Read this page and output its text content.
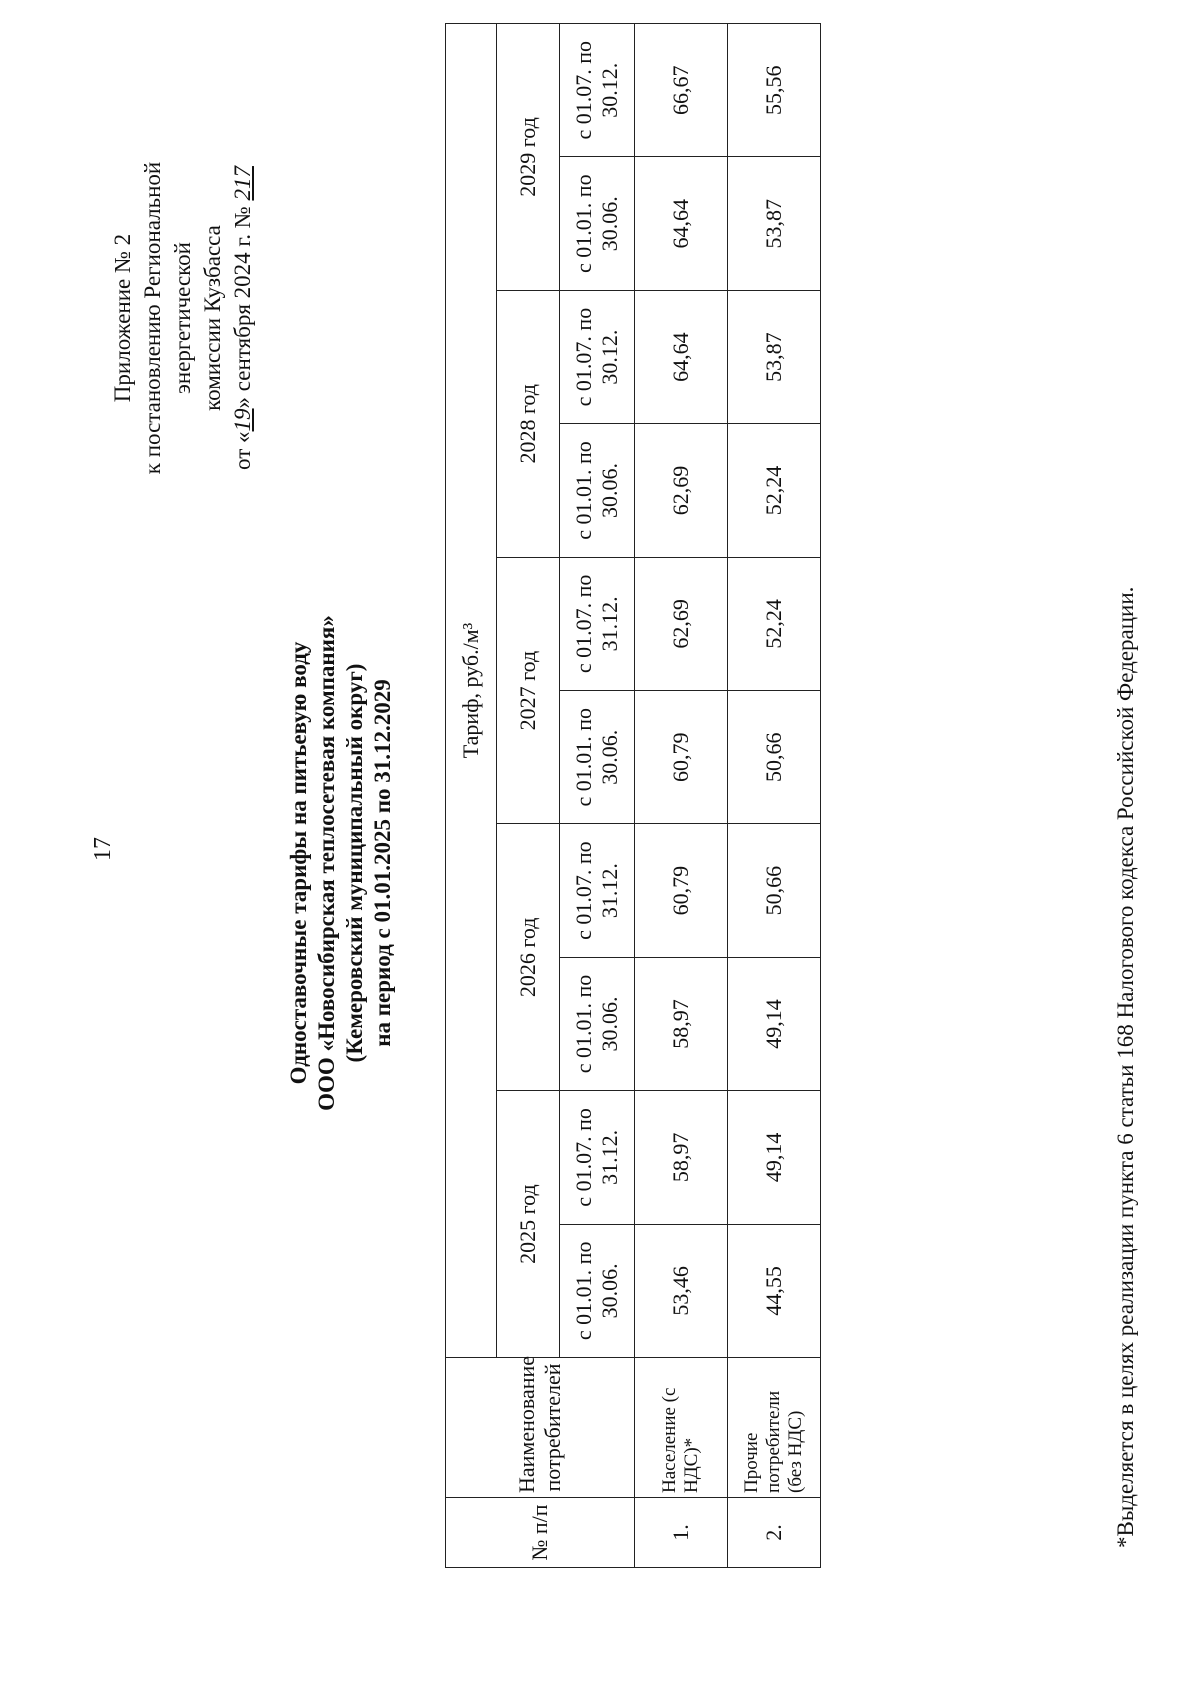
17
Приложение № 2 к постановлению Региональной энергетической комиссии Кузбасса
от «19» сентября 2024 г. № 217
Одноставочные тарифы на питьевую воду ООО «Новосибирская теплосетевая компания» (Кемеровский муниципальный округ) на период с 01.01.2025 по 31.12.2029
№ п/п	Наименование потребителей	Тариф, руб./м³									
		2025 год		2026 год		2027 год		2028 год		2029 год	
		с 01.01. по 30.06.	с 01.07. по 31.12.	с 01.01. по 30.06.	с 01.07. по 31.12.	с 01.01. по 30.06.	с 01.07. по 31.12.	с 01.01. по 30.06.	с 01.07. по 30.12.	с 01.01. по 30.06.	с 01.07. по 30.12.
1.	Население (с НДС)*	53,46	58,97	58,97	60,79	60,79	62,69	62,69	64,64	64,64	66,67
2.	Прочие потребители (без НДС)	44,55	49,14	49,14	50,66	50,66	52,24	52,24	53,87	53,87	55,56
*Выделяется в целях реализации пункта 6 статьи 168 Налогового кодекса Российской Федерации.
